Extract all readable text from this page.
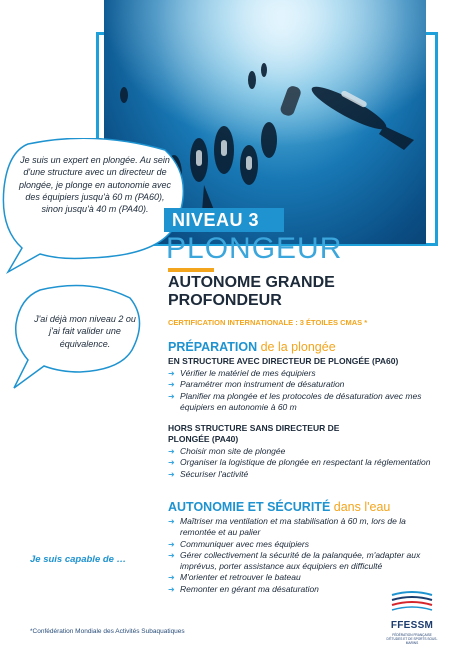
Je suis un expert en plongée. Au sein d'une structure avec un directeur de plongée, je plonge en autonomie avec des équipiers jusqu'à 60 m (PA60), sinon jusqu'à 40 m (PA40).
J'ai déjà mon niveau 2 ou j'ai fait valider une équivalence.
NIVEAU 3
PLONGEUR
AUTONOME GRANDE PROFONDEUR
CERTIFICATION INTERNATIONALE : 3 ÉTOILES CMAS *
PRÉPARATION de la plongée
EN STRUCTURE AVEC DIRECTEUR DE PLONGÉE (PA60)
➜ Vérifier le matériel de mes équipiers
➜ Paramétrer mon instrument de désaturation
➜ Planifier ma plongée et les protocoles de désaturation avec mes équipiers en autonomie à 60 m
HORS STRUCTURE SANS DIRECTEUR DE PLONGÉE (PA40)
➜ Choisir mon site de plongée
➜ Organiser la logistique de plongée en respectant la réglementation
➜ Sécuriser l'activité
AUTONOMIE ET SÉCURITÉ dans l'eau
➜ Maîtriser ma ventilation et ma stabilisation à 60 m, lors de la remontée et au palier
➜ Communiquer avec mes équipiers
➜ Gérer collectivement la sécurité de la palanquée, m'adapter aux imprévus, porter assistance aux équipiers en difficulté
➜ M'orienter et retrouver le bateau
➜ Remonter en gérant ma désaturation
Je suis capable de …
*Confédération Mondiale des Activités Subaquatiques
FFESSM
FÉDÉRATION FRANÇAISE D'ÉTUDES ET DE SPORTS SOUS-MARINS
